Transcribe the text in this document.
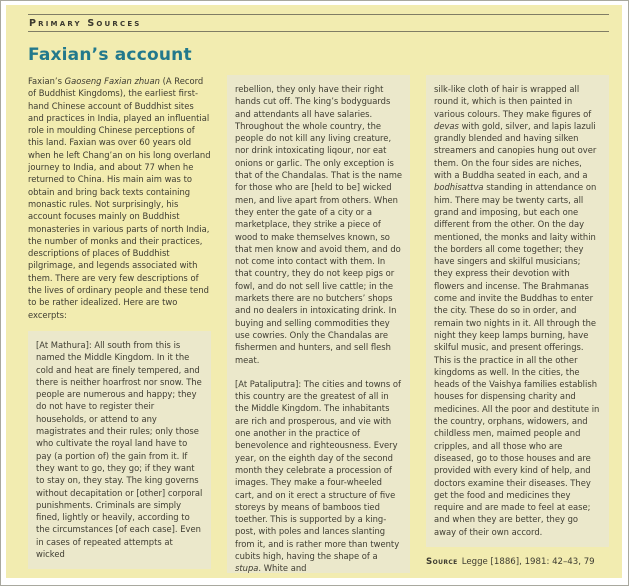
Primary Sources
Faxian’s account

Faxian’s Gaoseng Faxian zhuan (A Record of Buddhist Kingdoms), the earliest first-hand Chinese account of Buddhist sites and practices in India, played an influential role in moulding Chinese perceptions of this land. Faxian was over 60 years old when he left Chang’an on his long overland journey to India, and about 77 when he returned to China. His main aim was to obtain and bring back texts containing monastic rules. Not surprisingly, his account focuses mainly on Buddhist monasteries in various parts of north India, the number of monks and their practices, descriptions of places of Buddhist pilgrimage, and legends associated with them. There are very few descriptions of the lives of ordinary people and these tend to be rather idealized. Here are two excerpts:

[At Mathura]: All south from this is named the Middle Kingdom. In it the cold and heat are finely tempered, and there is neither hoarfrost nor snow. The people are numerous and happy; they do not have to register their households, or attend to any magistrates and their rules; only those who cultivate the royal land have to pay (a portion of) the gain from it. If they want to go, they go; if they want to stay on, they stay. The king governs without decapitation or [other] corporal punishments. Criminals are simply fined, lightly or heavily, according to the circumstances [of each case]. Even in cases of repeated attempts at wicked

rebellion, they only have their right hands cut off. The king’s bodyguards and attendants all have salaries. Throughout the whole country, the people do not kill any living creature, nor drink intoxicating liqour, nor eat onions or garlic. The only exception is that of the Chandalas. That is the name for those who are [held to be] wicked men, and live apart from others. When they enter the gate of a city or a marketplace, they strike a piece of wood to make themselves known, so that men know and avoid them, and do not come into contact with them. In that country, they do not keep pigs or fowl, and do not sell live cattle; in the markets there are no butchers’ shops and no dealers in intoxicating drink. In buying and selling commodities they use cowries. Only the Chandalas are fishermen and hunters, and sell flesh meat.

[At Pataliputra]: The cities and towns of this country are the greatest of all in the Middle Kingdom. The inhabitants are rich and prosperous, and vie with one another in the practice of benevolence and righteousness. Every year, on the eighth day of the second month they celebrate a procession of images. They make a four-wheeled cart, and on it erect a structure of five storeys by means of bamboos tied toether. This is supported by a king-post, with poles and lances slanting from it, and is rather more than twenty cubits high, having the shape of a stupa. White and

silk-like cloth of hair is wrapped all round it, which is then painted in various colours. They make figures of devas with gold, silver, and lapis lazuli grandly blended and having silken streamers and canopies hung out over them. On the four sides are niches, with a Buddha seated in each, and a bodhisattva standing in attendance on him. There may be twenty carts, all grand and imposing, but each one different from the other. On the day mentioned, the monks and laity within the borders all come together; they have singers and skilful musicians; they express their devotion with flowers and incense. The Brahmanas come and invite the Buddhas to enter the city. These do so in order, and remain two nights in it. All through the night they keep lamps burning, have skilful music, and present offerings. This is the practice in all the other kingdoms as well. In the cities, the heads of the Vaishya families establish houses for dispensing charity and medicines. All the poor and destitute in the country, orphans, widowers, and childless men, maimed people and cripples, and all those who are diseased, go to those houses and are provided with every kind of help, and doctors examine their diseases. They get the food and medicines they require and are made to feel at ease; and when they are better, they go away of their own accord.

Source Legge [1886], 1981: 42–43, 79
